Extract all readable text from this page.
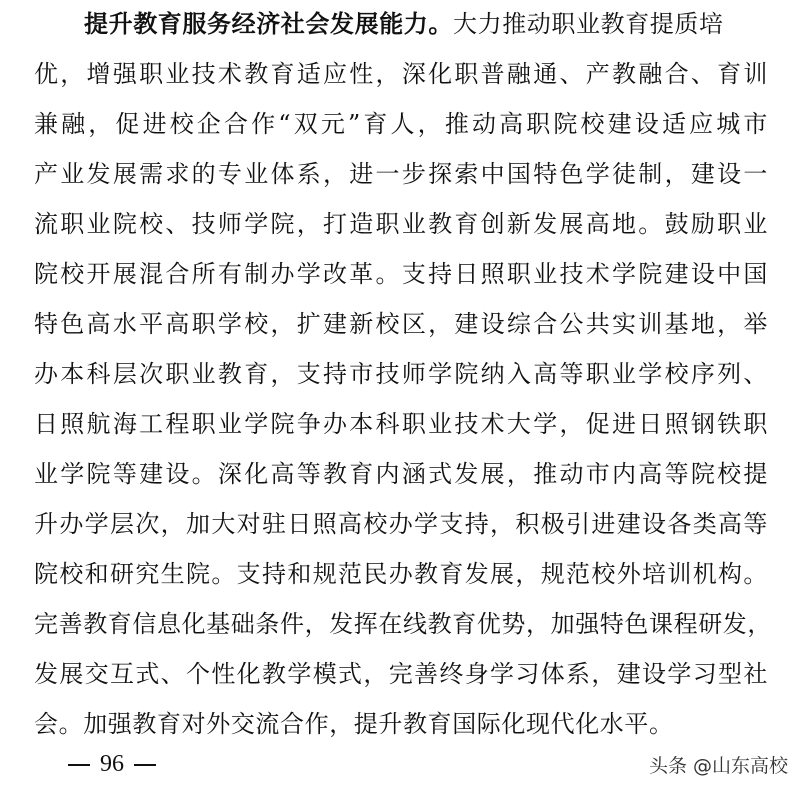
提升教育服务经济社会发展能力。大力推动职业教育提质培
优，增强职业技术教育适应性，深化职普融通、产教融合、育训
兼融，促进校企合作“双元”育人，推动高职院校建设适应城市
产业发展需求的专业体系，进一步探索中国特色学徒制，建设一
流职业院校、技师学院，打造职业教育创新发展高地。鼓励职业
院校开展混合所有制办学改革。支持日照职业技术学院建设中国
特色高水平高职学校，扩建新校区，建设综合公共实训基地，举
办本科层次职业教育，支持市技师学院纳入高等职业学校序列、
日照航海工程职业学院争办本科职业技术大学，促进日照钢铁职
业学院等建设。深化高等教育内涵式发展，推动市内高等院校提
升办学层次，加大对驻日照高校办学支持，积极引进建设各类高等
院校和研究生院。支持和规范民办教育发展，规范校外培训机构。
完善教育信息化基础条件，发挥在线教育优势，加强特色课程研发，
发展交互式、个性化教学模式，完善终身学习体系，建设学习型社
会。加强教育对外交流合作，提升教育国际化现代化水平。
96	头条 @山东高校
